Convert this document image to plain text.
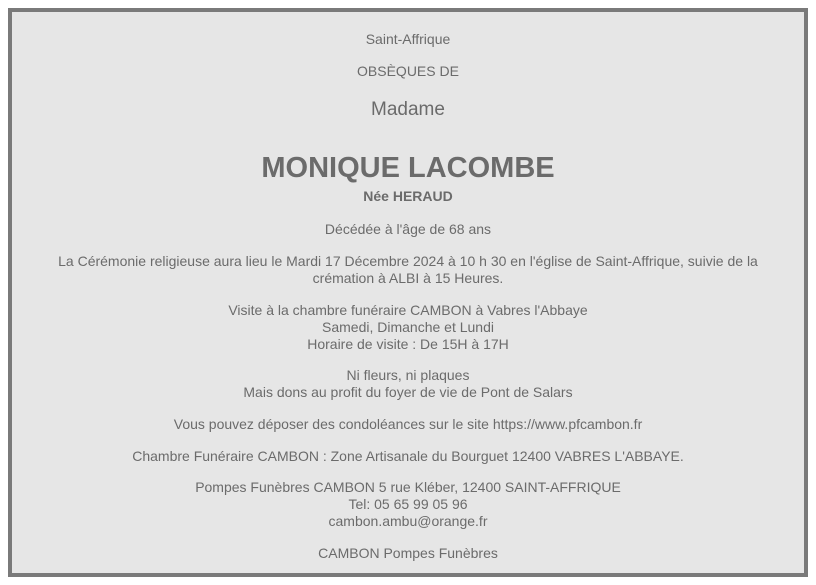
Saint-Affrique
OBSÈQUES DE
Madame
MONIQUE LACOMBE
Née HERAUD
Décédée à l'âge de 68 ans
La Cérémonie religieuse aura lieu le Mardi 17 Décembre 2024 à 10 h 30 en l'église de Saint-Affrique, suivie de la crémation à ALBI à 15 Heures.
Visite à la chambre funéraire CAMBON à Vabres l'Abbaye
Samedi, Dimanche et Lundi
Horaire de visite : De 15H à 17H
Ni fleurs, ni plaques
Mais dons au profit du foyer de vie de Pont de Salars
Vous pouvez déposer des condoléances sur le site https://www.pfcambon.fr
Chambre Funéraire CAMBON : Zone Artisanale du Bourguet 12400 VABRES L'ABBAYE.
Pompes Funèbres CAMBON 5 rue Kléber, 12400 SAINT-AFFRIQUE
Tel: 05 65 99 05 96
cambon.ambu@orange.fr
CAMBON Pompes Funèbres
